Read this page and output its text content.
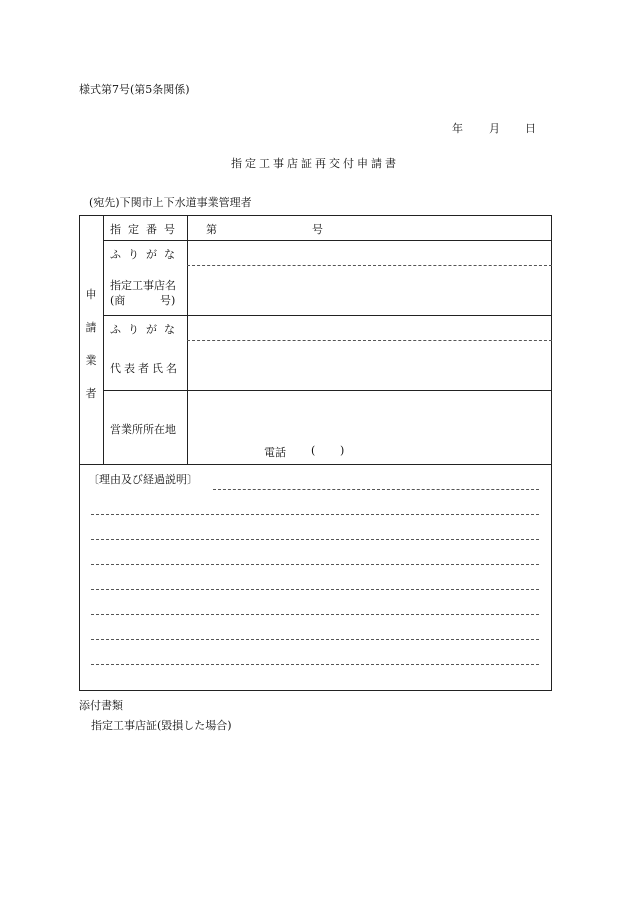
様式第7号(第5条関係)
年 月 日
指定工事店証再交付申請書
(宛先)下関市上下水道事業管理者
申
請
業
者
指定番号 第	号
ふりがな
指定工事店名
(商	号)
ふりがな
代表者氏名
営業所所在地
電話 ( )
〔理由及び経過説明〕
添付書類
指定工事店証(毀損した場合)
